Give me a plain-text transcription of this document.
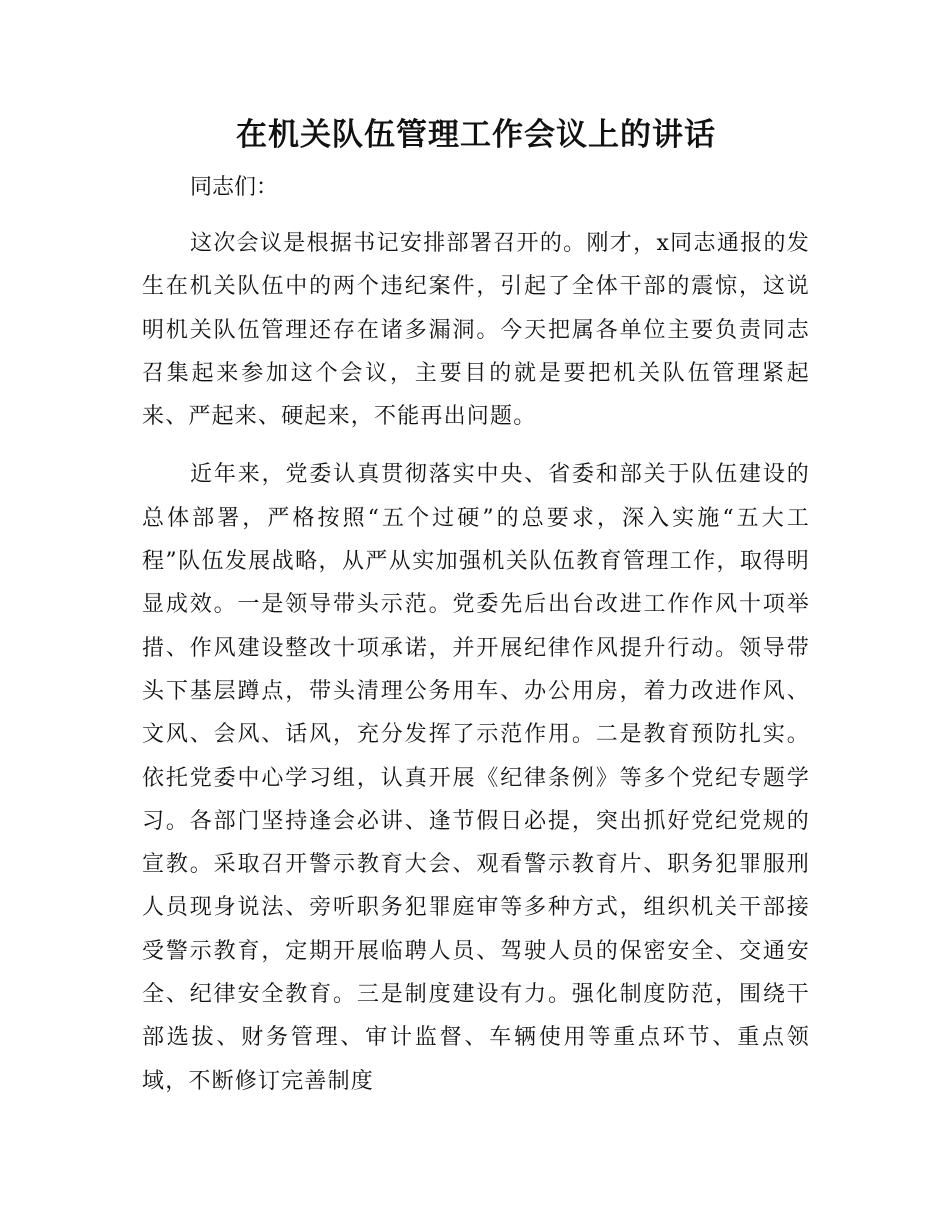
在机关队伍管理工作会议上的讲话

同志们：

这次会议是根据书记安排部署召开的。刚才，x同志通报的发生在机关队伍中的两个违纪案件，引起了全体干部的震惊，这说明机关队伍管理还存在诸多漏洞。今天把属各单位主要负责同志召集起来参加这个会议，主要目的就是要把机关队伍管理紧起来、严起来、硬起来，不能再出问题。

近年来，党委认真贯彻落实中央、省委和部关于队伍建设的总体部署，严格按照“五个过硬”的总要求，深入实施“五大工程”队伍发展战略，从严从实加强机关队伍教育管理工作，取得明显成效。一是领导带头示范。党委先后出台改进工作作风十项举措、作风建设整改十项承诺，并开展纪律作风提升行动。领导带头下基层蹲点，带头清理公务用车、办公用房，着力改进作风、文风、会风、话风，充分发挥了示范作用。二是教育预防扎实。依托党委中心学习组，认真开展《纪律条例》等多个党纪专题学习。各部门坚持逢会必讲、逢节假日必提，突出抓好党纪党规的宣教。采取召开警示教育大会、观看警示教育片、职务犯罪服刑人员现身说法、旁听职务犯罪庭审等多种方式，组织机关干部接受警示教育，定期开展临聘人员、驾驶人员的保密安全、交通安全、纪律安全教育。三是制度建设有力。强化制度防范，围绕干部选拔、财务管理、审计监督、车辆使用等重点环节、重点领域，不断修订完善制度
